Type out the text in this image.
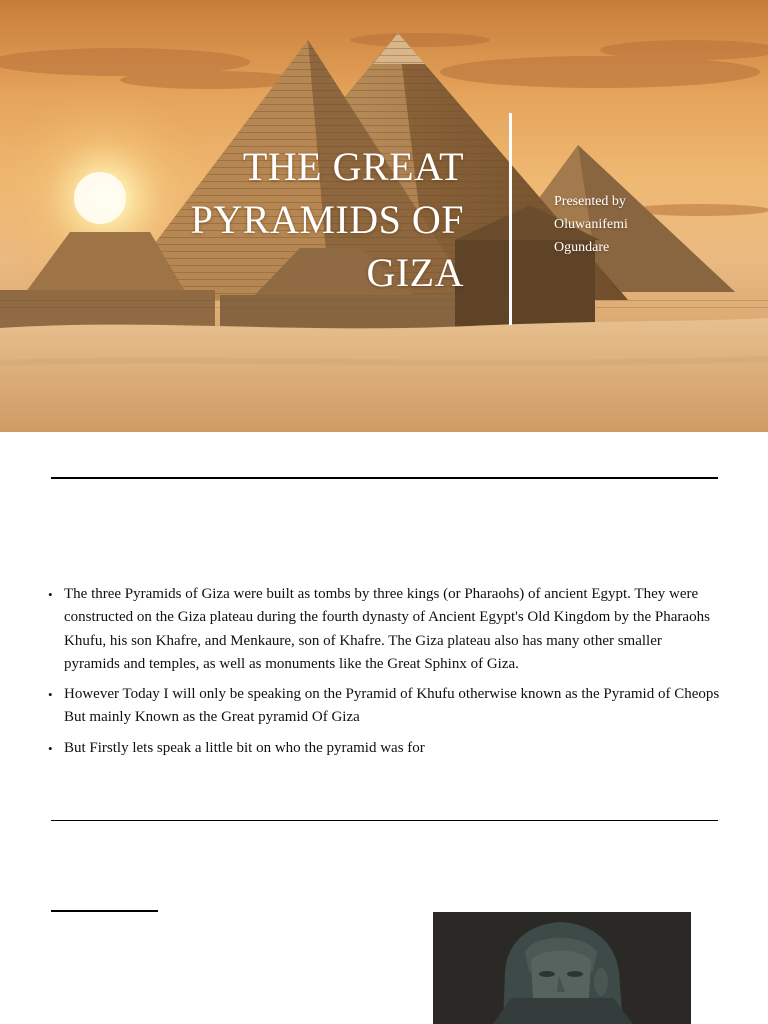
THE GREAT
PYRAMIDS OF
GIZA
Presented by
Oluwanifemi
Ogundare
• The three Pyramids of Giza were built as tombs by three kings (or Pharaohs) of ancient Egypt. They were constructed on the Giza plateau during the fourth dynasty of Ancient Egypt's Old Kingdom by the Pharaohs Khufu, his son Khafre, and Menkaure, son of Khafre. The Giza plateau also has many other smaller pyramids and temples, as well as monuments like the Great Sphinx of Giza.
• However Today I will only be speaking on the Pyramid of Khufu otherwise known as the Pyramid of Cheops But mainly Known as the Great pyramid Of Giza
• But Firstly lets speak a little bit on who the pyramid was for
